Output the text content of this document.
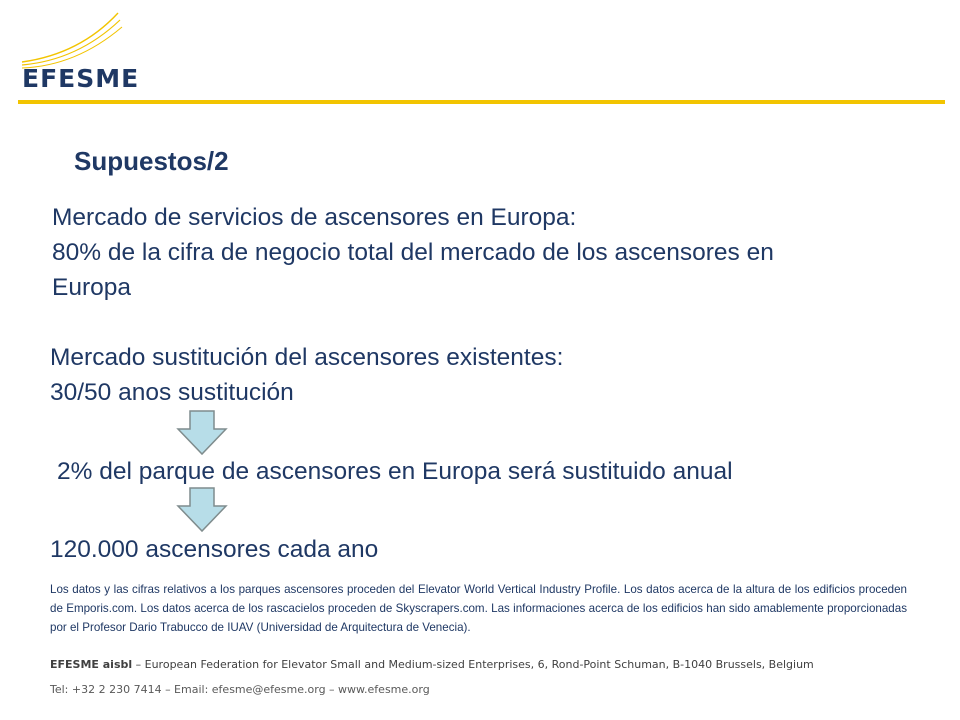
EFESME
Supuestos/2
Mercado de servicios de ascensores en Europa:
80% de la cifra de negocio total del mercado de los ascensores en
Europa
Mercado sustitución del ascensores existentes:
30/50 anos sustitución
2% del parque de ascensores en Europa será sustituido anual
120.000 ascensores cada ano
Los datos y las cifras relativos a los parques ascensores proceden del Elevator World Vertical Industry Profile. Los datos acerca de la altura de los edificios proceden de Emporis.com. Los datos acerca de los rascacielos proceden de Skyscrapers.com. Las informaciones acerca de los edificios han sido amablemente proporcionadas por el Profesor Dario Trabucco de IUAV (Universidad de Arquitectura de Venecia).
EFESME aisbl – European Federation for Elevator Small and Medium-sized Enterprises, 6, Rond-Point Schuman, B-1040 Brussels, Belgium
Tel: +32 2 230 7414 – Email: efesme@efesme.org – www.efesme.org
